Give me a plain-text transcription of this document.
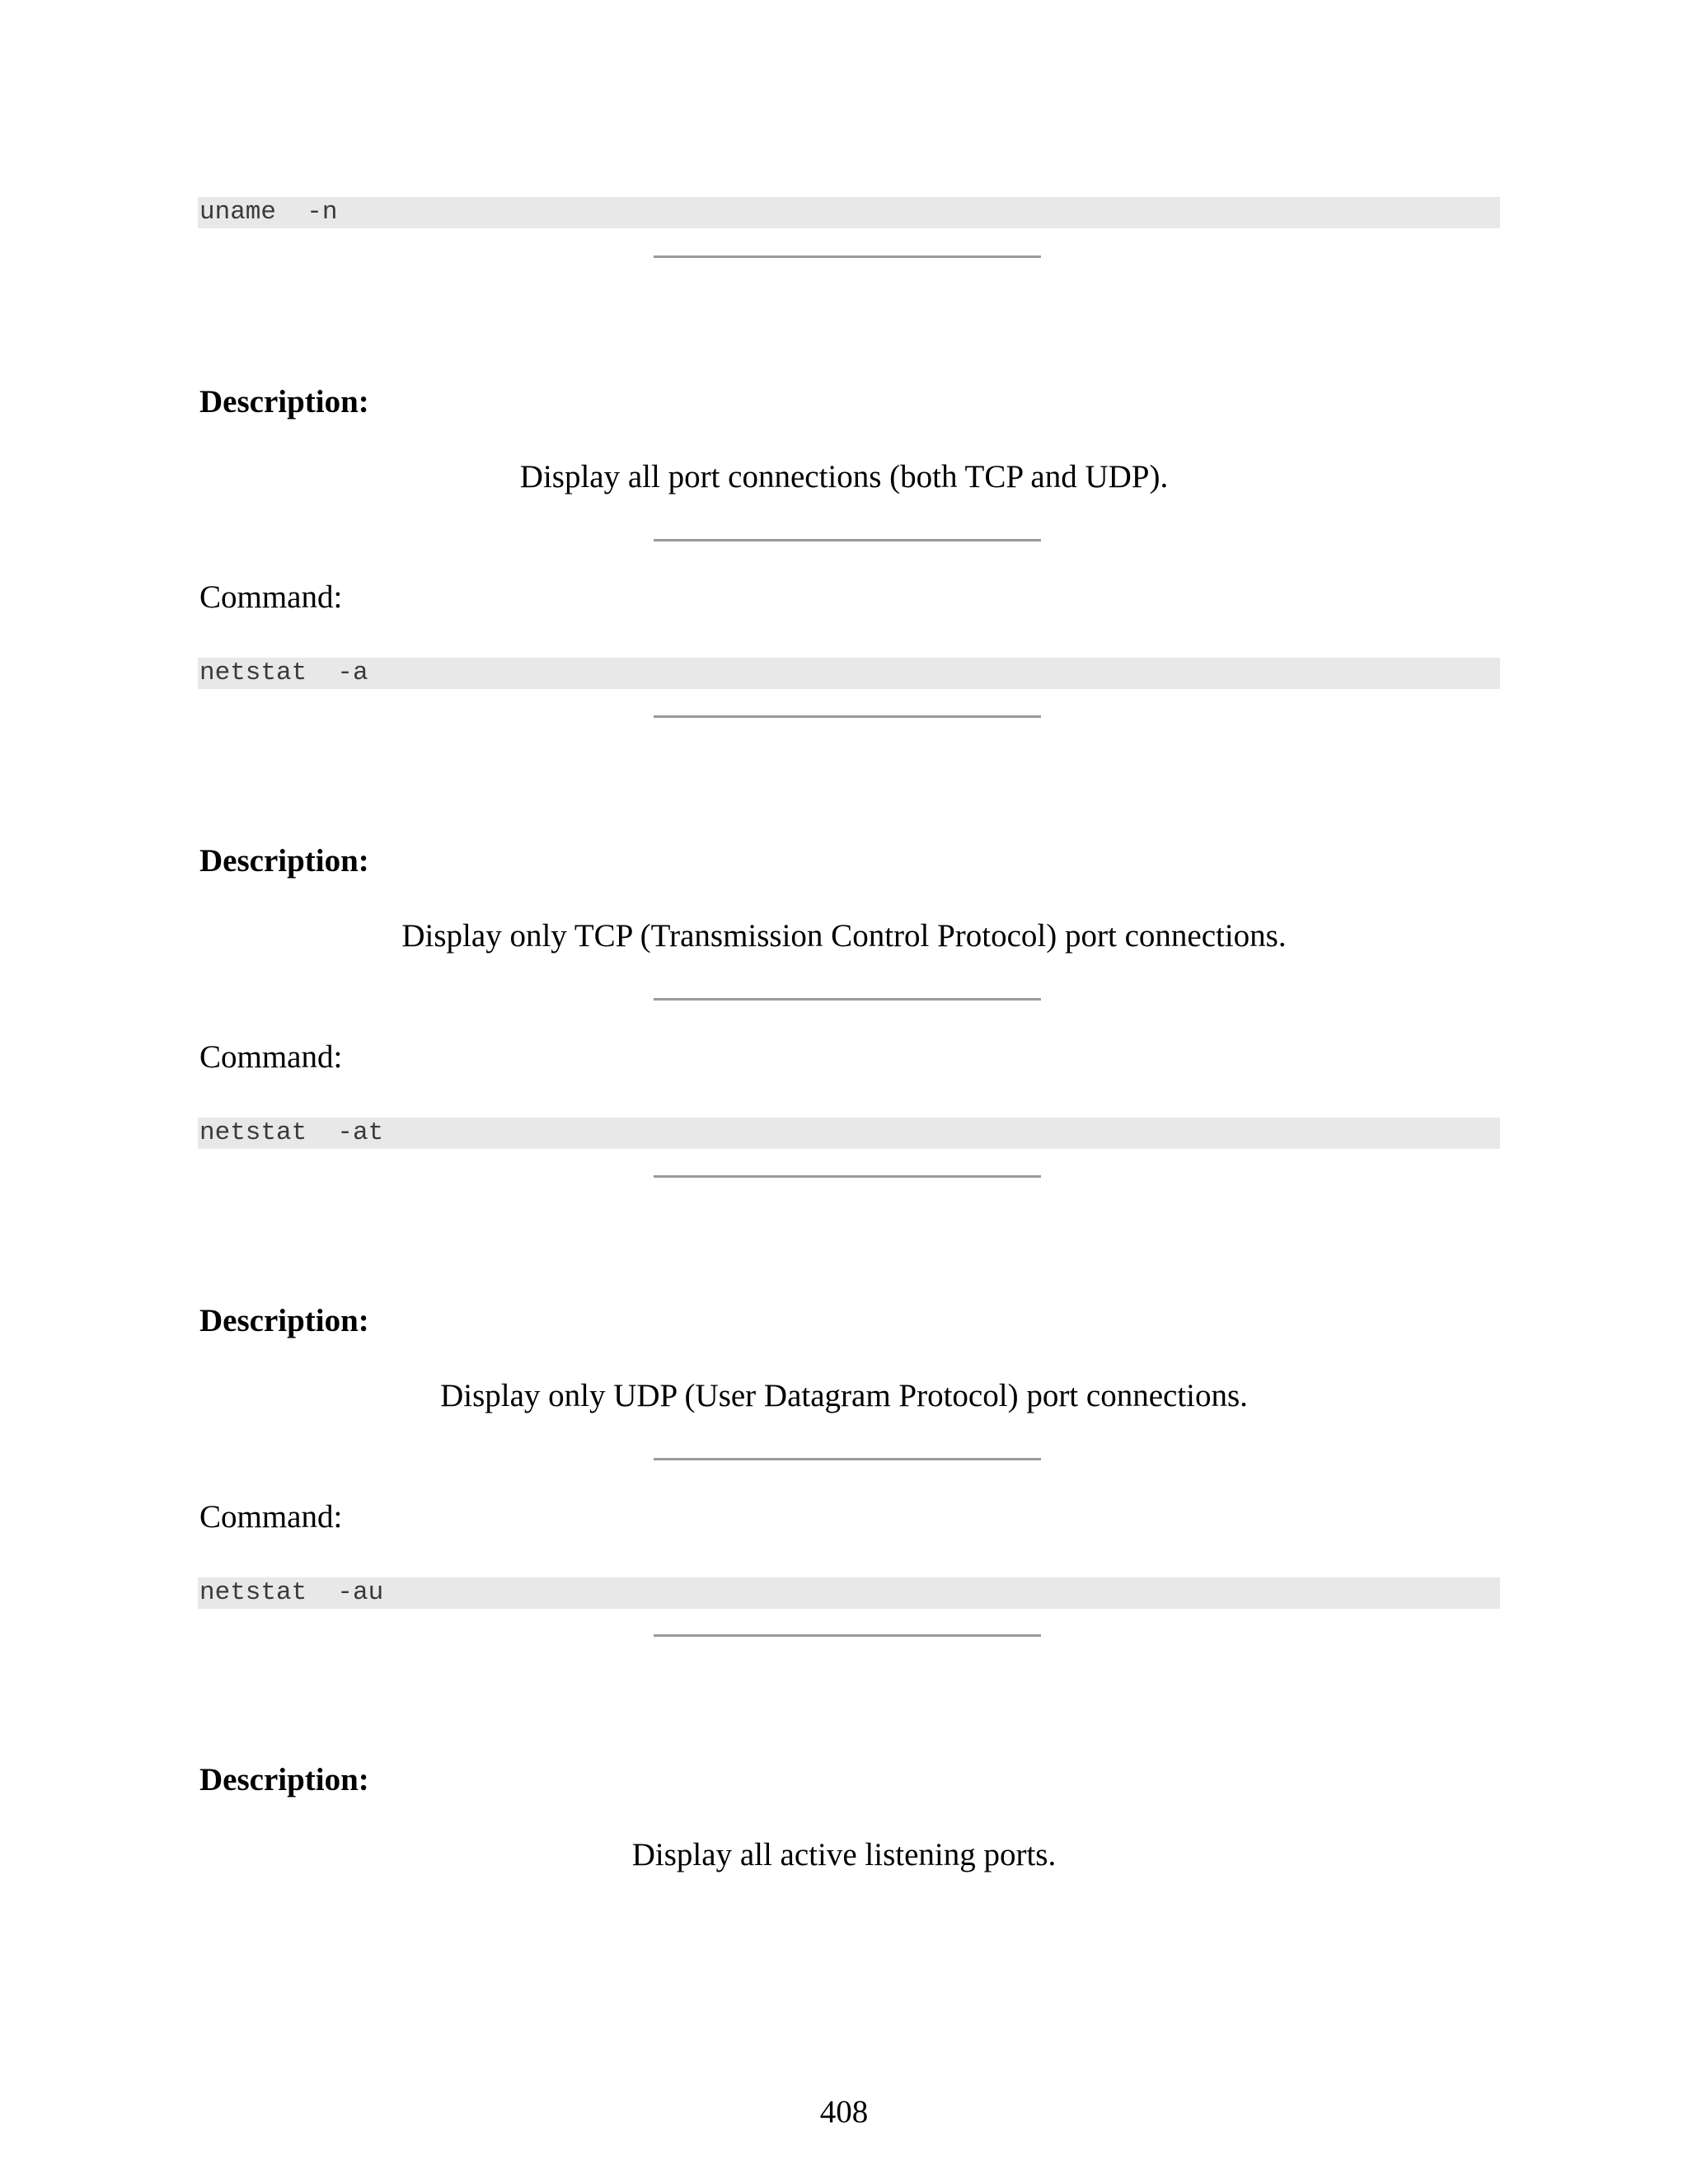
uname  -n
Description:
Display all port connections (both TCP and UDP).
Command:
netstat  -a
Description:
Display only TCP (Transmission Control Protocol) port connections.
Command:
netstat  -at
Description:
Display only UDP (User Datagram Protocol) port connections.
Command:
netstat  -au
Description:
Display all active listening ports.
408
